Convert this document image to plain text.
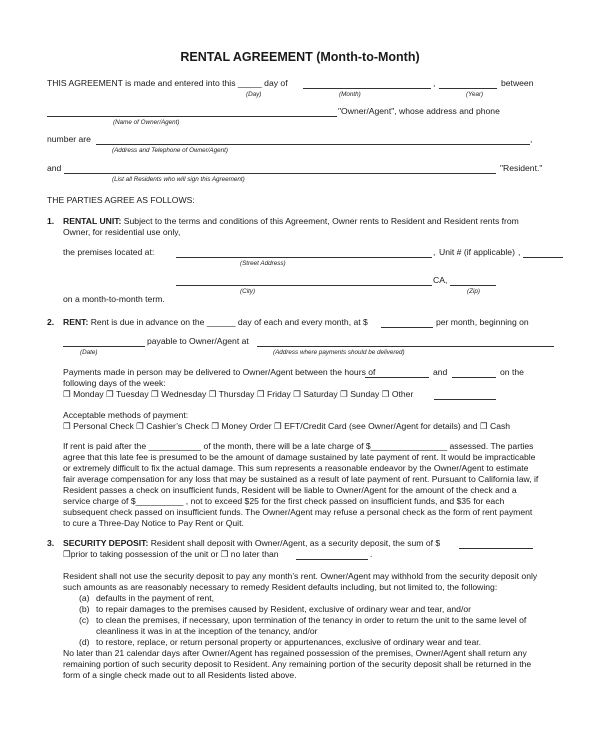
RENTAL AGREEMENT (Month-to-Month)
THIS AGREEMENT is made and entered into this _____ day of	,	between
(Day)	(Month)	(Year)
"Owner/Agent", whose address and phone
(Name of Owner/Agent)
number are	,
(Address and Telephone of Owner/Agent)
and	"Resident."
(List all Residents who will sign this Agreement)
THE PARTIES AGREE AS FOLLOWS:
1. RENTAL UNIT: Subject to the terms and conditions of this Agreement, Owner rents to Resident and Resident rents from
Owner, for residential use only,
the premises located at:	, Unit # (if applicable) ,
(Street Address)
CA,
(City)	(Zip)
on a month-to-month term.
2. RENT: Rent is due in advance on the ______ day of each and every month, at $	per month, beginning on
payable to Owner/Agent at
(Date)	(Address where payments should be delivered)
Payments made in person may be delivered to Owner/Agent between the hours of	and	on the
following days of the week:
❐ Monday ❐ Tuesday ❐ Wednesday ❐ Thursday ❐ Friday ❐ Saturday ❐ Sunday ❐ Other
Acceptable methods of payment:
❐ Personal Check ❐ Cashier’s Check ❐ Money Order ❐ EFT/Credit Card (see Owner/Agent for details) and ❐ Cash
If rent is paid after the ___________ of the month, there will be a late charge of $________________ assessed. The parties
agree that this late fee is presumed to be the amount of damage sustained by late payment of rent. It would be impracticable
or extremely difficult to fix the actual damage. This sum represents a reasonable endeavor by the Owner/Agent to estimate
fair average compensation for any loss that may be sustained as a result of late payment of rent. Pursuant to California law, if
Resident passes a check on insufficient funds, Resident will be liable to Owner/Agent for the amount of the check and a
service charge of $__________ , not to exceed $25 for the first check passed on insufficient funds, and $35 for each
subsequent check passed on insufficient funds. The Owner/Agent may refuse a personal check as the form of rent payment
to cure a Three-Day Notice to Pay Rent or Quit.
3. SECURITY DEPOSIT: Resident shall deposit with Owner/Agent, as a security deposit, the sum of $
❐prior to taking possession of the unit or ❐ no later than	.
Resident shall not use the security deposit to pay any month’s rent. Owner/Agent may withhold from the security deposit only
such amounts as are reasonably necessary to remedy Resident defaults including, but not limited to, the following:
(a) defaults in the payment of rent,
(b) to repair damages to the premises caused by Resident, exclusive of ordinary wear and tear, and/or
(c) to clean the premises, if necessary, upon termination of the tenancy in order to return the unit to the same level of
cleanliness it was in at the inception of the tenancy, and/or
(d) to restore, replace, or return personal property or appurtenances, exclusive of ordinary wear and tear.
No later than 21 calendar days after Owner/Agent has regained possession of the premises, Owner/Agent shall return any
remaining portion of such security deposit to Resident. Any remaining portion of the security deposit shall be returned in the
form of a single check made out to all Residents listed above.
